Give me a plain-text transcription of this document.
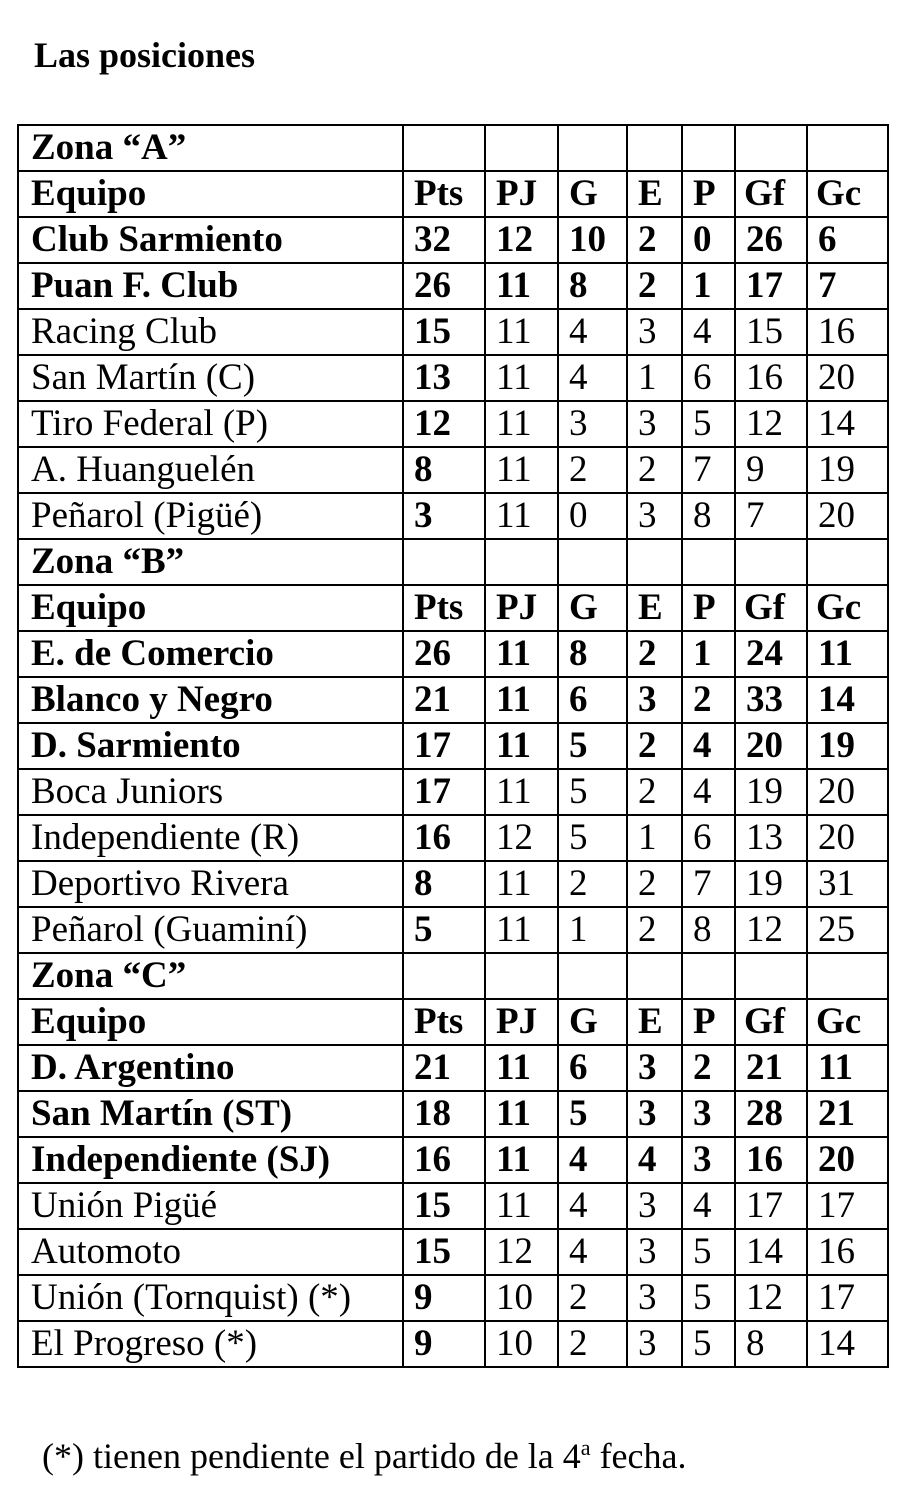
Las posiciones
Zona “A”							
Equipo	Pts	PJ	G	E	P	Gf	Gc
Club Sarmiento	32	12	10	2	0	26	6
Puan F. Club	26	11	8	2	1	17	7
Racing Club	15	11	4	3	4	15	16
San Martín (C)	13	11	4	1	6	16	20
Tiro Federal (P)	12	11	3	3	5	12	14
A. Huanguelén	8	11	2	2	7	9	19
Peñarol (Pigüé)	3	11	0	3	8	7	20
Zona “B”							
Equipo	Pts	PJ	G	E	P	Gf	Gc
E. de Comercio	26	11	8	2	1	24	11
Blanco y Negro	21	11	6	3	2	33	14
D. Sarmiento	17	11	5	2	4	20	19
Boca Juniors	17	11	5	2	4	19	20
Independiente (R)	16	12	5	1	6	13	20
Deportivo Rivera	8	11	2	2	7	19	31
Peñarol (Guaminí)	5	11	1	2	8	12	25
Zona “C”							
Equipo	Pts	PJ	G	E	P	Gf	Gc
D. Argentino	21	11	6	3	2	21	11
San Martín (ST)	18	11	5	3	3	28	21
Independiente (SJ)	16	11	4	4	3	16	20
Unión Pigüé	15	11	4	3	4	17	17
Automoto	15	12	4	3	5	14	16
Unión (Tornquist) (*)	9	10	2	3	5	12	17
El Progreso (*)	9	10	2	3	5	8	14

(*) tienen pendiente el partido de la 4$^a$ fecha.
